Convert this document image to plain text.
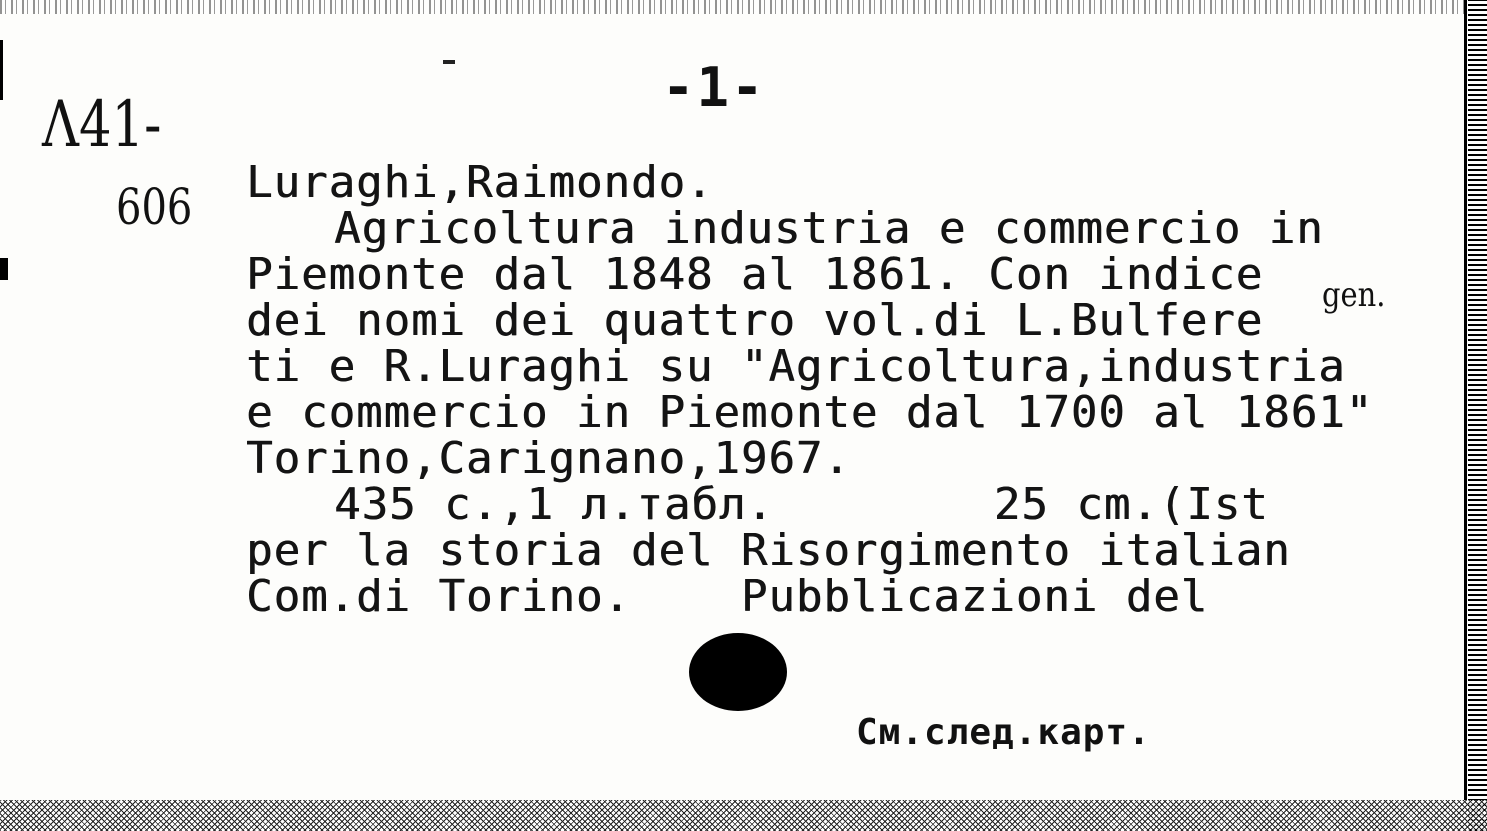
-1-
Λ41-
606 Luraghi,Raimondo.
Agricoltura industria e commercio in
Piemonte dal 1848 al 1861. Con indice
dei nomi dei quattro vol.di L.Bulfere
ti e R.Luraghi su "Agricoltura,industria
e commercio in Piemonte dal 1700 al 1861"
Torino,Carignano,1967.
435 c.,1 л.табл.        25 cm.(Ist
per la storia del Risorgimento italian
Com.di Torino.    Pubblicazioni del
gen.
См.след.карт.
